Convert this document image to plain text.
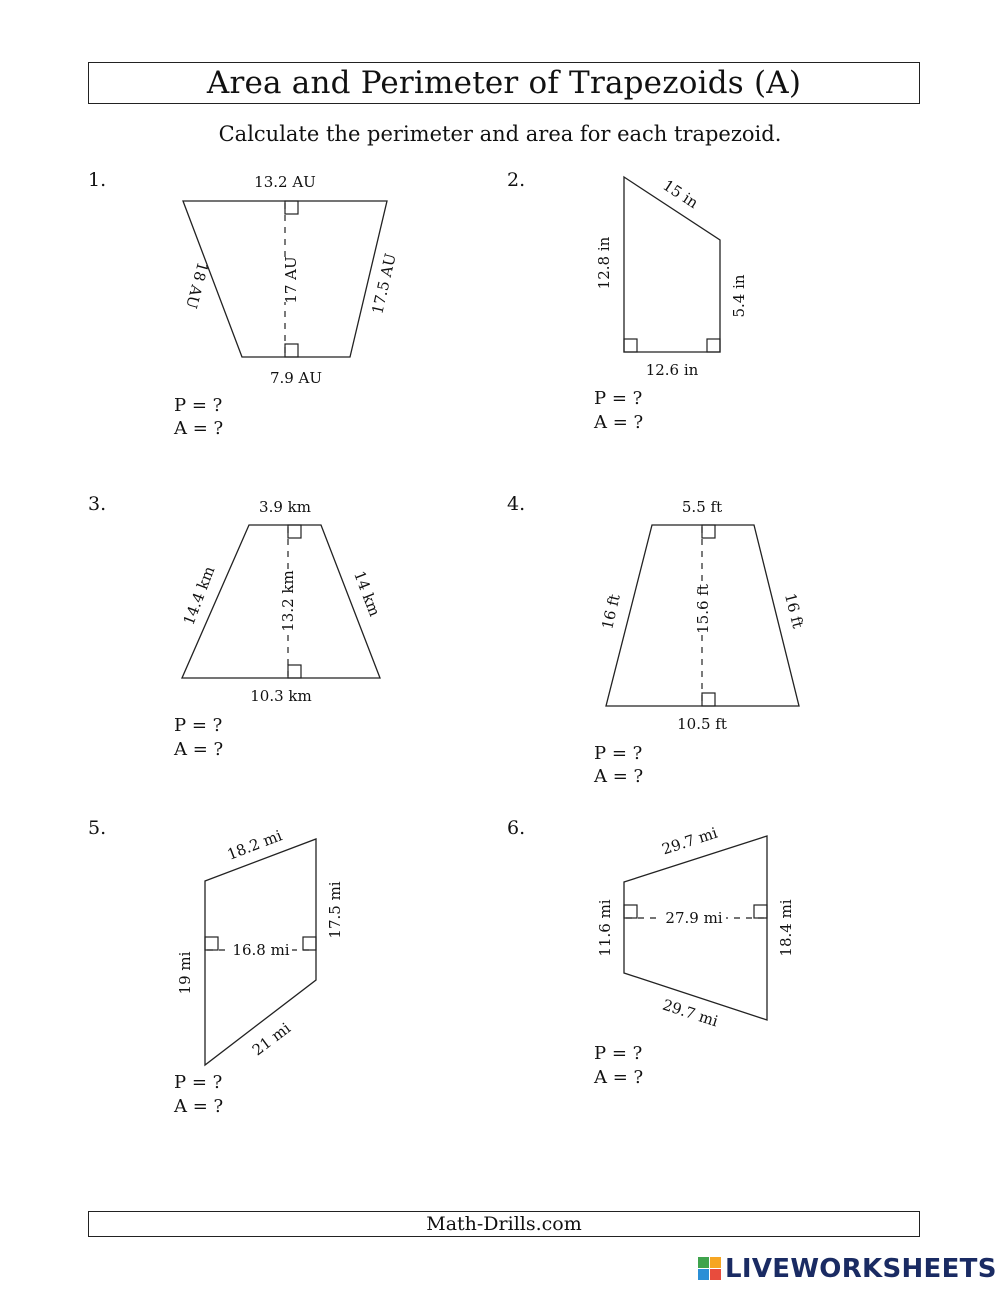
Area and Perimeter of Trapezoids (A)
Calculate the perimeter and area for each trapezoid.
1.	13.2 AU
7.9 AU
17 AU
18 AU	17.5 AU
P = ?
A = ?
2.	15 in
12.8 in
5.4 in
12.6 in
P = ?
A = ?
3.	3.9 km
10.3 km
13.2 km
14.4 km	14 km
P = ?
A = ?
4.	5.5 ft
10.5 ft
15.6 ft
16 ft	16 ft
P = ?
A = ?
5.
16.8 mi
18.2 mi
17.5 mi
19 mi
21 mi
P = ?
A = ?
6.
27.9 mi
29.7 mi
11.6 mi	18.4 mi
29.7 mi
P = ?
A = ?
Math-Drills.com
LIVEWORKSHEETS
